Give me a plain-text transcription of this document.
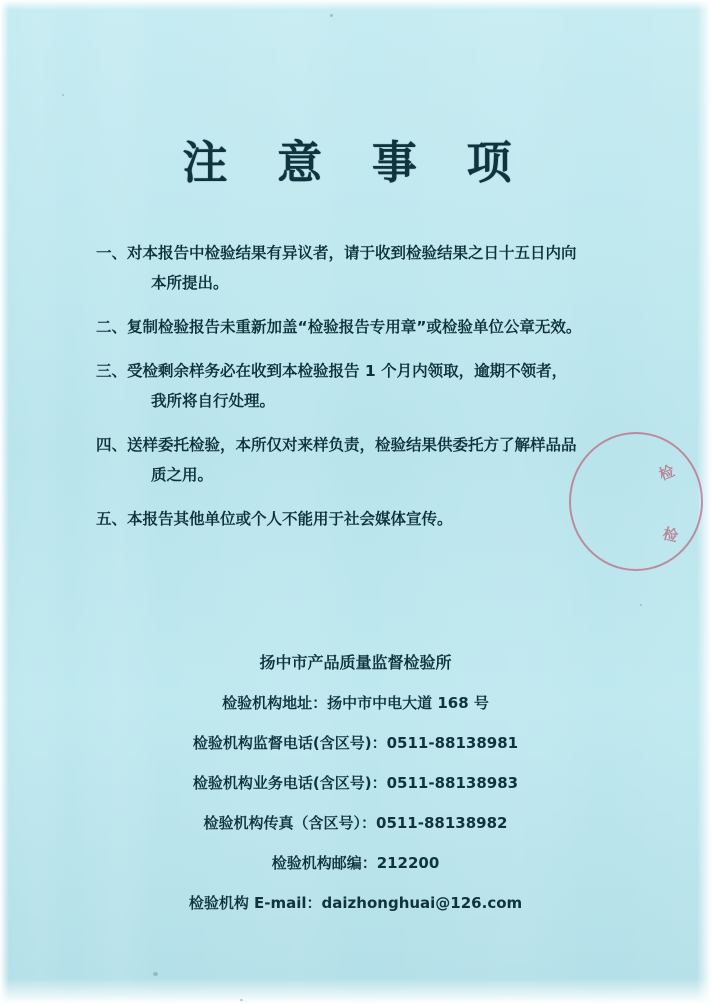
注 意 事 项
一、 对本报告中检验结果有异议者，请于收到检验结果之日十五日内向
本所提出。
二、 复制检验报告未重新加盖“检验报告专用章”或检验单位公章无效。
三、 受检剩余样务必在收到本检验报告 1 个月内领取，逾期不领者，
我所将自行处理。
四、 送样委托检验，本所仅对来样负责，检验结果供委托方了解样品品
质之用。
五、 本报告其他单位或个人不能用于社会媒体宣传。
检
检
扬中市产品质量监督检验所
检验机构地址：扬中市中电大道 168 号
检验机构监督电话(含区号)：0511-88138981
检验机构业务电话(含区号)：0511-88138983
检验机构传真（含区号）：0511-88138982
检验机构邮编：212200
检验机构 E-mail：daizhonghuai@126.com
